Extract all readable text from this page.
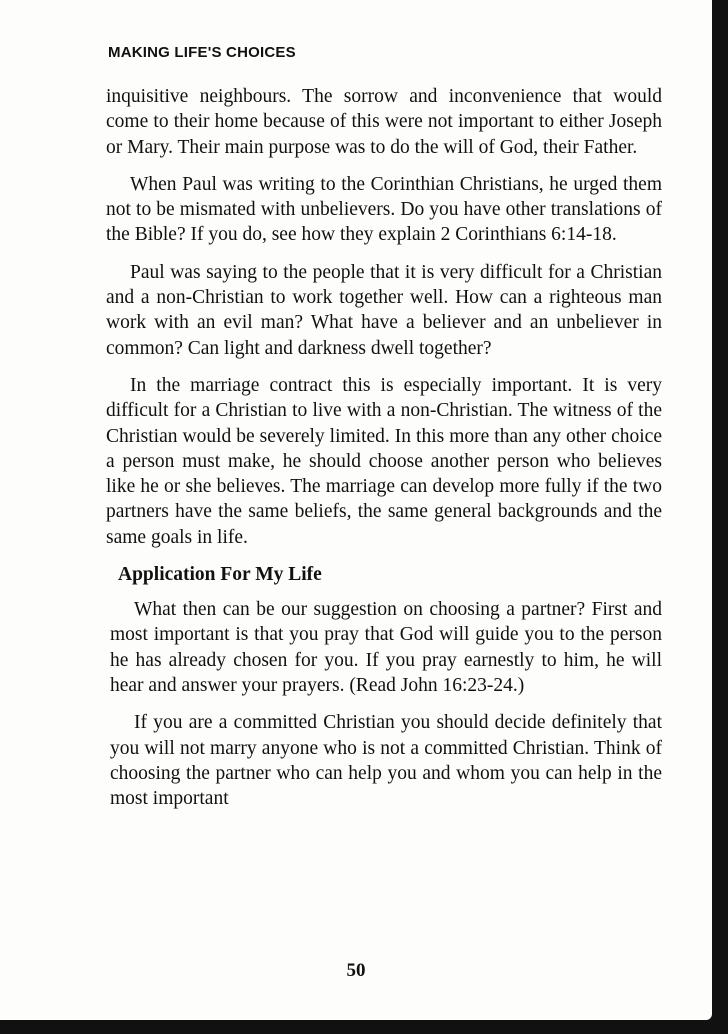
MAKING LIFE'S CHOICES

inquisitive neighbours. The sorrow and inconvenience that would come to their home because of this were not important to either Joseph or Mary. Their main purpose was to do the will of God, their Father.

When Paul was writing to the Corinthian Christians, he urged them not to be mismated with unbelievers. Do you have other translations of the Bible? If you do, see how they explain 2 Corinthians 6:14-18.

Paul was saying to the people that it is very difficult for a Christian and a non-Christian to work together well. How can a righteous man work with an evil man? What have a believer and an unbeliever in common? Can light and darkness dwell together?

In the marriage contract this is especially important. It is very difficult for a Christian to live with a non-Christian. The witness of the Christian would be severely limited. In this more than any other choice a person must make, he should choose another person who believes like he or she believes. The marriage can develop more fully if the two partners have the same beliefs, the same general backgrounds and the same goals in life.

Application For My Life

What then can be our suggestion on choosing a partner? First and most important is that you pray that God will guide you to the person he has already chosen for you. If you pray earnestly to him, he will hear and answer your prayers. (Read John 16:23-24.)

If you are a committed Christian you should decide definitely that you will not marry anyone who is not a committed Christian. Think of choosing the partner who can help you and whom you can help in the most important

50
